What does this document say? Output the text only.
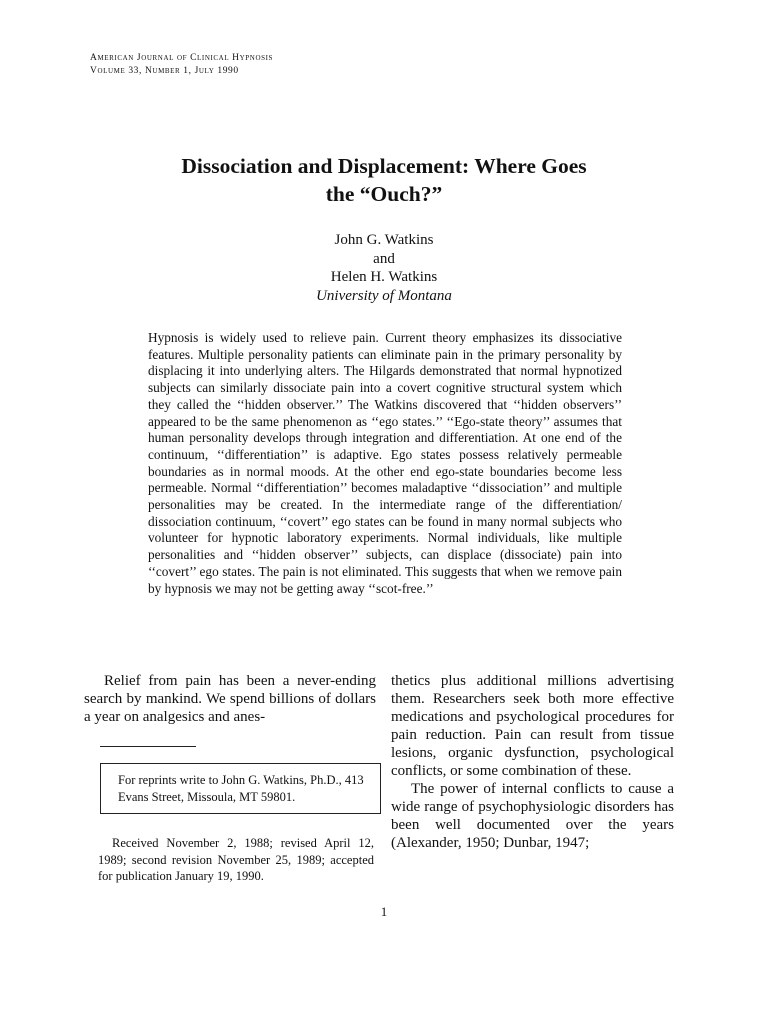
American Journal of Clinical Hypnosis
Volume 33, Number 1, July 1990
Dissociation and Displacement: Where Goes
the “Ouch?”
John G. Watkins
and
Helen H. Watkins
University of Montana
Hypnosis is widely used to relieve pain. Current theory emphasizes its dissociative features. Multiple personality patients can eliminate pain in the primary personality by displacing it into underlying alters. The Hilgards demonstrated that normal hypnotized subjects can similarly dissociate pain into a covert cognitive structural system which they called the ‘‘hidden observer.’’ The Watkins discovered that ‘‘hidden observers’’ appeared to be the same phenomenon as ‘‘ego states.’’ ‘‘Ego-state theory’’ assumes that human personality develops through integration and differentiation. At one end of the continuum, ‘‘differentiation’’ is adaptive. Ego states possess relatively permeable boundaries as in normal moods. At the other end ego-state boundaries become less permeable. Normal ‘‘differentiation’’ becomes maladaptive ‘‘dissociation’’ and multiple personalities may be created. In the intermediate range of the differentiation/ dissociation continuum, ‘‘covert’’ ego states can be found in many normal subjects who volunteer for hypnotic laboratory experiments. Normal individuals, like multiple personalities and ‘‘hidden observer’’ subjects, can displace (dissociate) pain into ‘‘covert’’ ego states. The pain is not eliminated. This suggests that when we remove pain by hypnosis we may not be getting away ‘‘scot-free.’’

Relief from pain has been a never-ending search by mankind. We spend billions of dollars a year on analgesics and anes-

For reprints write to John G. Watkins, Ph.D., 413 Evans Street, Missoula, MT 59801.
Received November 2, 1988; revised April 12, 1989; second revision November 25, 1989; accepted for publication January 19, 1990.

thetics plus additional millions advertising them. Researchers seek both more effective medications and psychological procedures for pain reduction. Pain can result from tissue lesions, organic dysfunction, psychological conflicts, or some combination of these.

The power of internal conflicts to cause a wide range of psychophysiologic disorders has been well documented over the years (Alexander, 1950; Dunbar, 1947;

1
